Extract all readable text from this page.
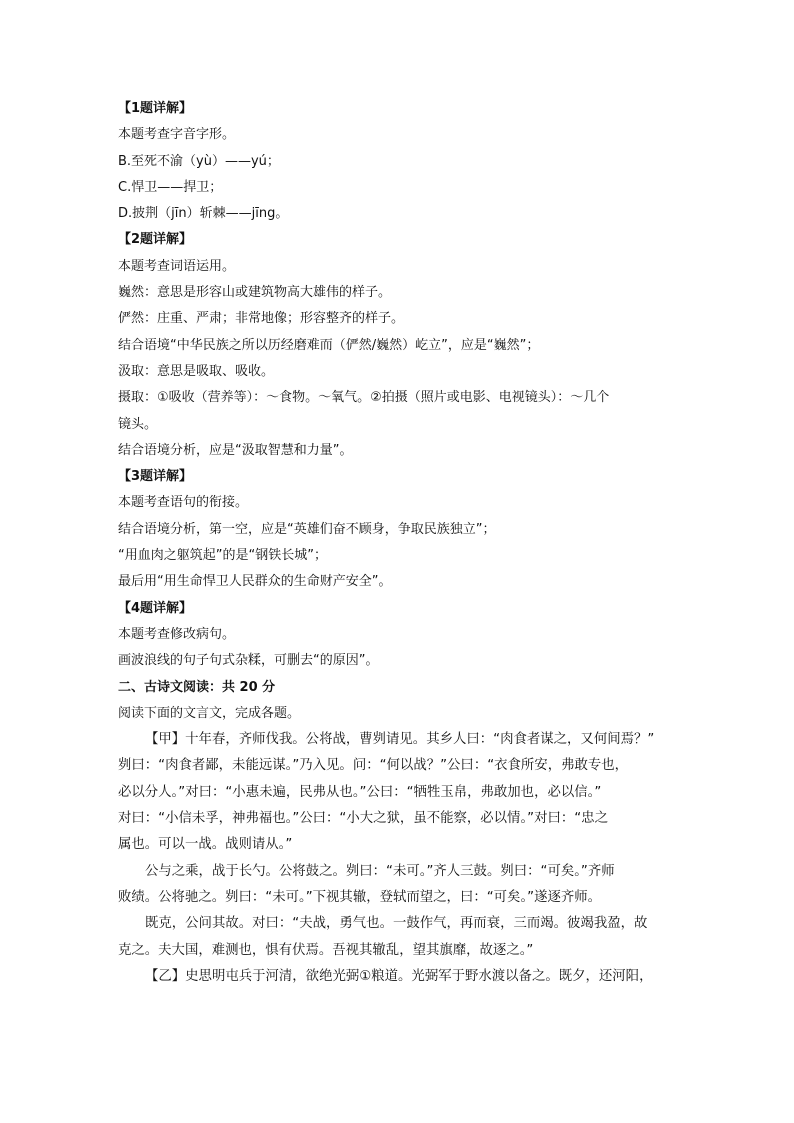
【1题详解】
本题考查字音字形。
B.至死不渝（yù）——yú；
C.悍卫——捍卫；
D.披荆（jīn）斩棘——jīng。
【2题详解】
本题考查词语运用。
巍然：意思是形容山或建筑物高大雄伟的样子。
俨然：庄重、严肃；非常地像；形容整齐的样子。
结合语境“中华民族之所以历经磨难而（俨然/巍然）屹立”，应是“巍然”；
汲取：意思是吸取、吸收。
摄取：①吸收（营养等）：～食物。～氧气。②拍摄（照片或电影、电视镜头）：～几个
镜头。
结合语境分析，应是“汲取智慧和力量”。
【3题详解】
本题考查语句的衔接。
结合语境分析，第一空，应是“英雄们奋不顾身，争取民族独立”；
“用血肉之躯筑起”的是“钢铁长城”；
最后用“用生命悍卫人民群众的生命财产安全”。
【4题详解】
本题考查修改病句。
画波浪线的句子句式杂糅，可删去“的原因”。
二、古诗文阅读：共 20 分
阅读下面的文言文，完成各题。
【甲】十年春，齐师伐我。公将战，曹刿请见。其乡人曰：“肉食者谋之，又何间焉？”
刿曰：“肉食者鄙，未能远谋。”乃入见。问：“何以战？”公曰：“衣食所安，弗敢专也，
必以分人。”对曰：“小惠未遍，民弗从也。”公曰：“牺牲玉帛，弗敢加也，必以信。”
对曰：“小信未孚，神弗福也。”公曰：“小大之狱，虽不能察，必以情。”对曰：“忠之
属也。可以一战。战则请从。”
公与之乘，战于长勺。公将鼓之。刿曰：“未可。”齐人三鼓。刿曰：“可矣。”齐师
败绩。公将驰之。刿曰：“未可。”下视其辙，登轼而望之，曰：“可矣。”遂逐齐师。
既克，公问其故。对曰：“夫战，勇气也。一鼓作气，再而衰，三而竭。彼竭我盈，故
克之。夫大国，难测也，惧有伏焉。吾视其辙乱，望其旗靡，故逐之。”
【乙】史思明屯兵于河清，欲绝光弼①粮道。光弼军于野水渡以备之。既夕，还河阳，
